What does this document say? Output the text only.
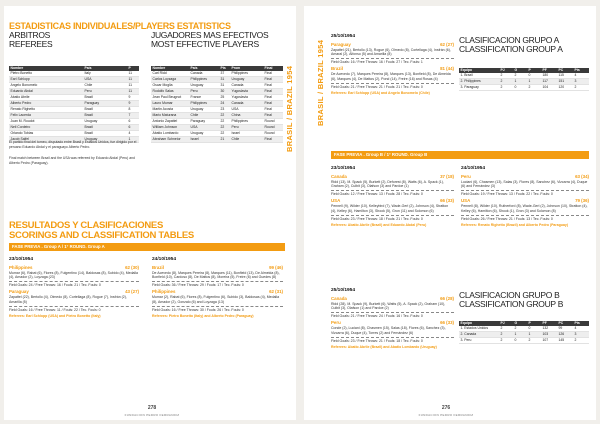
ESTADISTICAS INDIVIDUALES/PLAYERS ESTATISTICS
ARBITROS
REFEREES
Nombre	País	P
Pietro Bonetto	Italy	11
Earl Schlopp	USA	11
Angelo Bonomelo	Chile	11
Eduardo Abdal	Peru	11
Abatio Abrile	Brazil	9
Alberto Pedro	Paraguay	9
Renato Righetto	Brazil	8
Felix Lacerda	Brazil	7
Juan M. Roudot	Uruguay	6
Neil Cordeiro	Brazil	6
Orlando Tobias	Brazil	4
Jacob Salfel	Uruguay	1
El partido final del torneo, disputado entre Brasil y Estados Unidos, fue dirigido por el peruano Eduardo Abdal y el paraguayo Alberto Pedro.
Final match between Brazil and the USA was refereed by Eduardo Abdal (Peru) and Alberto Pedro (Paraguay).
JUGADORES MAS EFECTIVOS
MOST EFFECTIVE PLAYERS
Nombre	País	Pts	Prom	Final
Carl Ridd	Canada	37	Philippines	Final
Carlos Loyzaga	Philippines	31	Uruguay	Final
Oscar Moglia	Uruguay	31	Canada	Final
Rodolfo Salas	Peru	30	Yugoslavia	Final
Jean Paul Beugnot	France	25	Yugoslavia	Final
Lauro Mumar	Philippines	24	Canada	Final
Martin Acosta	Uruguay	23	USA	Final
Mario Maturana	Chile	22	China	Final
Antonio Zapattel	Paraguay	22	Philippines	Round
William Johnson	USA	22	Peru	Round
Abatio Lombardo	Uruguay	22	Israel	Round
Abraham Schneior	Israel	21	Chile	Final BRASIL / BRAZIL 1954
RESULTADOS Y CLASIFICACIONES
SCORINGS AND CLASSIFICATION TABLES
FASE PREVIA . Group A / 1° ROUND. Group A
23/10/1954
Philippines	62 (30)
Mumar (6), Rabat (6), Flores (8), Fulgentino (14), Baldosas (8), Subido (4), Medalla (4), Amador (2), Loyzaga (23)
Field Goals: 24 / Free Throws: 16 / Fouls: 21 / Tec. Fouls: 0
Paraguay	43 (27)
Zapattel (22), Bertollo (4), Olmedo (8), Cortellaga (8), Rogue (7), Insfrán (2), Amarilla (5)
Field Goals: 16 / Free Throws: 11 / Fouls: 22 / Tec. Fouls: 0
Referees: Earl Schlopp (USA) and Pietro Bonetto (Italy)
24/10/1954
Brazil	99 (46)
De Acevedo (8), Marques Pereira (8), Marques (11), Bonfield (13), De Almeida (8), Bonfield (10), Cardoso (8), De Mattos (8), Moreira (5), Freire (6) and Guedes (8)
Field Goals: 36 / Free Throws: 29 / Fouls: 17 / Tec. Fouls: 0
Philippines	62 (31)
Mumar (2), Rabat (6), Flores (8), Fulgentino (6), Subido (3), Baldosas (4), Medalla (8), Amador (2), Gonzalo (6) and Loyzaga (13)
Field Goals: 16 / Free Throws: 30 / Fouls: 26 / Tec. Fouls: 0
Referees: Pietro Bonetto (Italy) and Alberto Pedro (Paraguay)
278
FUNDACION PEDRO FERRANDIZ
BRASIL / BRAZIL 1954
25/10/1954
Paraguay	62 (27)
Zapattel (21), Bertollo (13), Rogue (6), Olmedo (8), Cortellaga (4), Insfrán (6), Amaral (2), Alfonso (5) and Amarilla (8)
Field Goals: 16 / Free Throws: 16 / Fouls: 27 / Tec. Fouls: 1
Brazil	81 (44)
De Acevedo (7), Marques Pereira (8), Marques (13), Bonfield (8), De Almeida (6), Marques (4), De Mattos (2), Pond (14), Freire (16) and Rosas (4)
Field Goals: 21 / Free Throws: 21 / Fouls: 21 / Tec. Fouls: 0
Referees: Earl Schlopp (USA) and Angelo Bonomelo (Chile)
CLASIFICACION GRUPO A
CLASSIFICATION GROUP A
Equipo	PJ	G	P	PF	PC	Pts
1. Brazil	2	2	0	180	115	4
2. Philippines	2	1	1	117	151	3
3. Paraguay	2	0	2	104	120	2
FASE PREVIA . Group B / 1° ROUND. Group B
23/10/1954
Canada	37 (18)
Ridd (13), M. Spack (5), Burkett (2), Deforest (8), Watts (6), A. Spack (1), Graham (2), Culbit (3), Olafson (3) and Pardoe (1)
Field Goals: 12 / Free Throws: 13 / Fouls: 28 / Tec. Fouls: 0
USA	66 (33)
Pennell (9), Wilder (10), Kelleybird (7), Wade-Gerl (2), Johnson (4), Stratton (4), Kelley (6), Hamilton (3), Shook (5), Gron (11) and Solomon (6)
Field Goals: 23 / Free Throws: 18 / Fouls: 21 / Tec. Fouls: 0
Referees: Abatio Abrile (Brazil) and Eduardo Abdal (Peru)
24/10/1954
Peru	63 (34)
Luciani (6), Chasmen (13), Salas (3), Flores (8), Sanchez (6), Vizcarra (4), Duque (6) and Fernández (3)
Field Goals: 19 / Free Throws: 13 / Fouls: 22 / Tec. Fouls: 0
USA	79 (36)
Pennell (8), Wilder (10), Rutherford (8), Wade-Gerl (2), Johnson (10), Stratton (4), Kelley (6), Hamilton (6), Shook (1), Gron (3) and Solomon (8)
Field Goals: 26 / Free Throws: 21 / Fouls: 13 / Tec. Fouls: 0
Referees: Renato Righetto (Brazil) and Alberto Pedro (Paraguay)
25/10/1954
Canada	66 (28)
Ridd (28), M. Spack (9), Burkett (6), Watts (5), A. Spack (2), Graham (10), Culbit (3), Olafson (1) and Pardoe (2)
Field Goals: 21 / Free Throws: 24 / Fouls: 16 / Tec. Fouls: 0
Peru	66 (33)
Conde (2), Luciani (8), Chasmen (15), Salas (18), Flores (6), Sanchez (3), Vizcarra (6), Duque (4), Torres (2) and Fernández (6)
Field Goals: 23 / Free Throws: 21 / Fouls: 18 / Tec. Fouls: 0
Referees: Abatio Abrile (Brazil) and Abatio Lombardo (Uruguay)
CLASIFICACION GRUPO B
CLASSIFICATION GROUP B
Equipo	PJ	G	P	PF	PC	Pts
1. Estados Unidos	2	2	0	132	99	4
2. Canada	2	1	1	103	126	3
3. Peru	2	0	2	107	145	2
276
FUNDACION PEDRO FERRANDIZ
